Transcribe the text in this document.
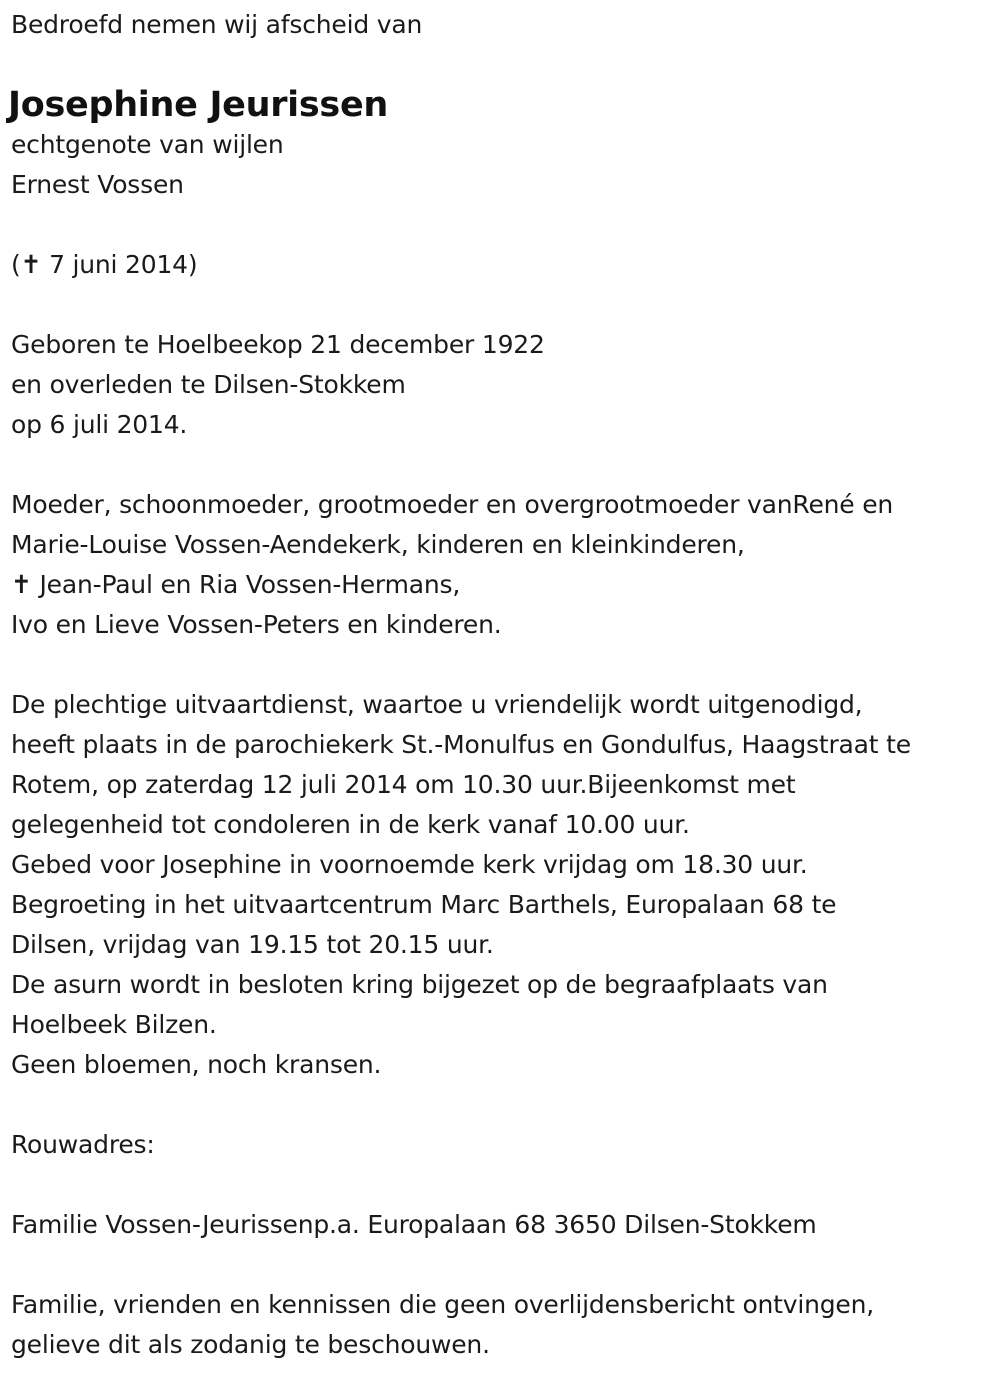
Bedroefd nemen wij afscheid van
Josephine Jeurissen
echtgenote van wijlen
Ernest Vossen
(✝ 7 juni 2014)
Geboren te Hoelbeekop 21 december 1922
en overleden te Dilsen-Stokkem
op 6 juli 2014.
Moeder, schoonmoeder, grootmoeder en overgrootmoeder vanRené en
Marie-Louise Vossen-Aendekerk, kinderen en kleinkinderen,
✝ Jean-Paul en Ria Vossen-Hermans,
Ivo en Lieve Vossen-Peters en kinderen.
De plechtige uitvaartdienst, waartoe u vriendelijk wordt uitgenodigd,
heeft plaats in de parochiekerk St.-Monulfus en Gondulfus, Haagstraat te
Rotem, op zaterdag 12 juli 2014 om 10.30 uur.Bijeenkomst met
gelegenheid tot condoleren in de kerk vanaf 10.00 uur.
Gebed voor Josephine in voornoemde kerk vrijdag om 18.30 uur.
Begroeting in het uitvaartcentrum Marc Barthels, Europalaan 68 te
Dilsen, vrijdag van 19.15 tot 20.15 uur.
De asurn wordt in besloten kring bijgezet op de begraafplaats van
Hoelbeek Bilzen.
Geen bloemen, noch kransen.
Rouwadres:
Familie Vossen-Jeurissenp.a. Europalaan 68 3650 Dilsen-Stokkem
Familie, vrienden en kennissen die geen overlijdensbericht ontvingen,
gelieve dit als zodanig te beschouwen.
